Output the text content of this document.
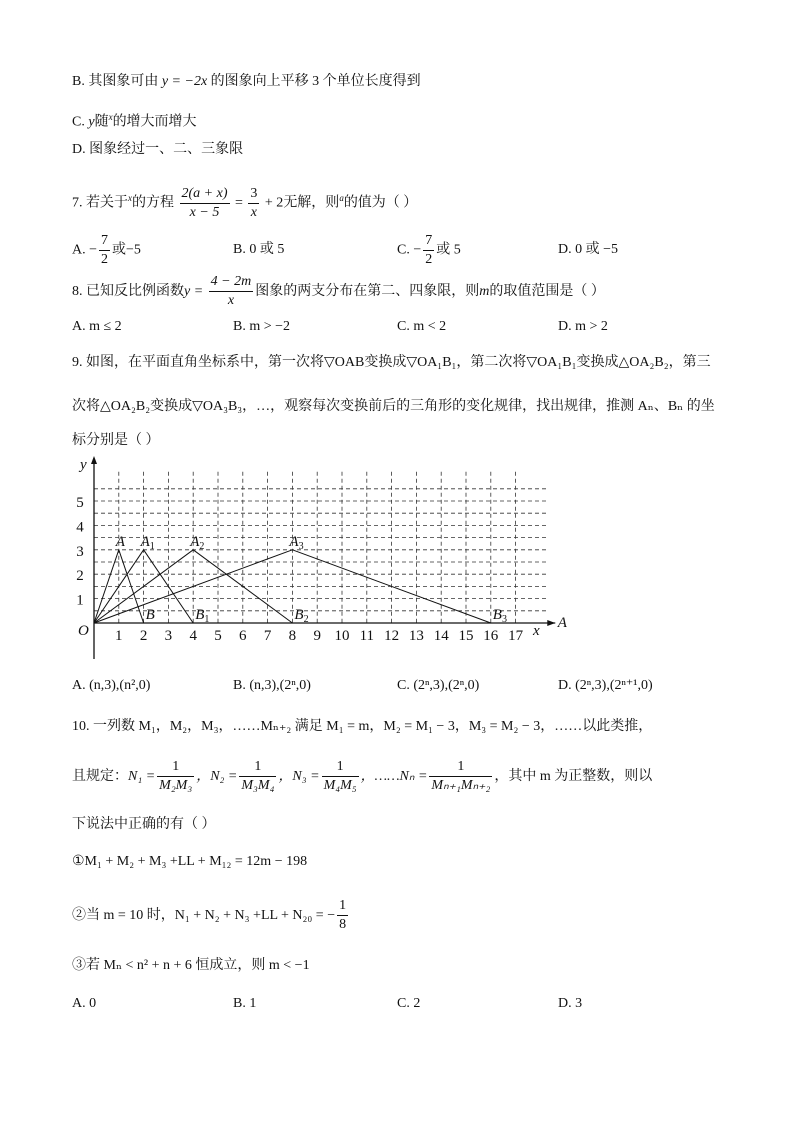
B. 其图象可由 y = −2x 的图象向上平移 3 个单位长度得到
C. y随$^x$的增大而增大
D. 图象经过一、二、三象限
7. 若关于$^x$的方程 $\frac{2(a + x)}{x - 5} = \frac{3}{x} + 2$无解，则$^a$的值为（ ）
A. − $\frac{7}{2}$ 或−5	B. 0 或 5	C. − $\frac{7}{2}$ 或 5	D. 0 或 −5
8. 已知反比例函数$y = \frac{4 - 2m}{x}$ 图象的两支分布在第二、四象限，则m的取值范围是（ ）
A. m ≤ 2	B. m > −2	C. m < 2	D. m > 2
9. 如图，在平面直角坐标系中，第一次将▽OAB变换成▽OA₁B₁，第二次将▽OA₁B₁变换成△OA₂B₂，第三
次将△OA₂B₂变换成▽OA₃B₃，…，观察每次变换前后的三角形的变化规律，找出规律，推测 Aₙ、Bₙ 的坐
标分别是（ ）
1 2 3 4 5 6 7 8 9 10 11 12 13 14 15 16 17
1
2
3
4
5
O
y
x A
A $A_1$ $A_2$	$A_3$
B	$B_1$	$B_2$	$B_3$
A. (n,3),(n²,0)	B. (n,3),(2ⁿ,0)	C. (2ⁿ,3),(2ⁿ,0)	D. (2ⁿ,3),(2ⁿ⁺¹,0)
10. 一列数 M₁，M₂，M₃，……Mₙ₊₂ 满足 M₁ = m，M₂ = M₁ − 3，M₃ = M₂ − 3，……以此类推，
且规定：$N_1 = \frac{1}{\text{M₂M₃}}$ ，$N_2 = \frac{1}{\text{M₃M₄}}$ ，$N_3 = \frac{1}{\text{M₄M₅}}$ ，……Nₙ = $\frac{1}{\text{Mₙ₊₁Mₙ₊₂}}$ ，其中 m 为正整数，则以
下说法中正确的有（ ）
①M₁ + M₂ + M₃ +LL + M₁₂ = 12m − 198
②当 m = 10 时，N₁ + N₂ + N₃ +LL + N₂₀ = − $\frac{1}{8}$
③若 Mₙ < n² + n + 6 恒成立，则 m < −1
A. 0	B. 1	C. 2	D. 3
